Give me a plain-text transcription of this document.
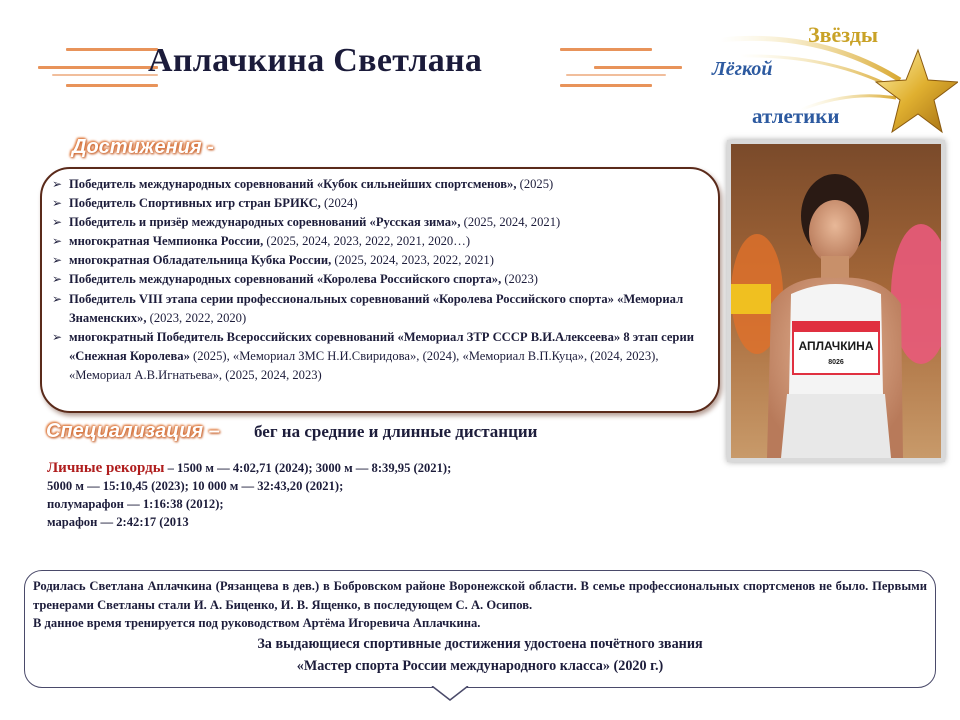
Аплачкина Светлана
Звёзды
Лёгкой
атлетики
Достижения -
➢ Победитель международных соревнований «Кубок сильнейших спортсменов», (2025)
➢ Победитель Спортивных игр стран БРИКС, (2024)
➢ Победитель и призёр международных соревнований «Русская зима», (2025, 2024, 2021)
➢ многократная Чемпионка России, (2025, 2024, 2023, 2022, 2021, 2020…)
➢ многократная Обладательница Кубка России, (2025, 2024, 2023, 2022, 2021)
➢ Победитель международных соревнований «Королева Российского спорта», (2023)
➢ Победитель VIII этапа серии профессиональных соревнований «Королева Российского спорта» «Мемориал Знаменских», (2023, 2022, 2020)
➢ многократный Победитель Всероссийских соревнований «Мемориал ЗТР СССР В.И.Алексеева» 8 этап серии «Снежная Королева» (2025), «Мемориал ЗМС Н.И.Свиридова», (2024), «Мемориал В.П.Куца», (2024, 2023), «Мемориал А.В.Игнатьева», (2025, 2024, 2023)
Специализация – бег на средние и длинные дистанции
Личные рекорды – 1500 м — 4:02,71 (2024); 3000 м — 8:39,95 (2021);
5000 м — 15:10,45 (2023); 10 000 м — 32:43,20 (2021);
полумарафон — 1:16:38 (2012);
марафон — 2:42:17 (2013
АПЛАЧКИНА
8026
Родилась Светлана Аплачкина (Рязанцева в дев.) в Бобровском районе Воронежской области. В семье профессиональных спортсменов не было. Первыми тренерами Светланы стали И. А. Биценко, И. В. Ященко, в последующем С. А. Осипов.
В данное время тренируется под руководством Артёма Игоревича Аплачкина.
За выдающиеся спортивные достижения удостоена почётного звания
«Мастер спорта России международного класса» (2020 г.)
